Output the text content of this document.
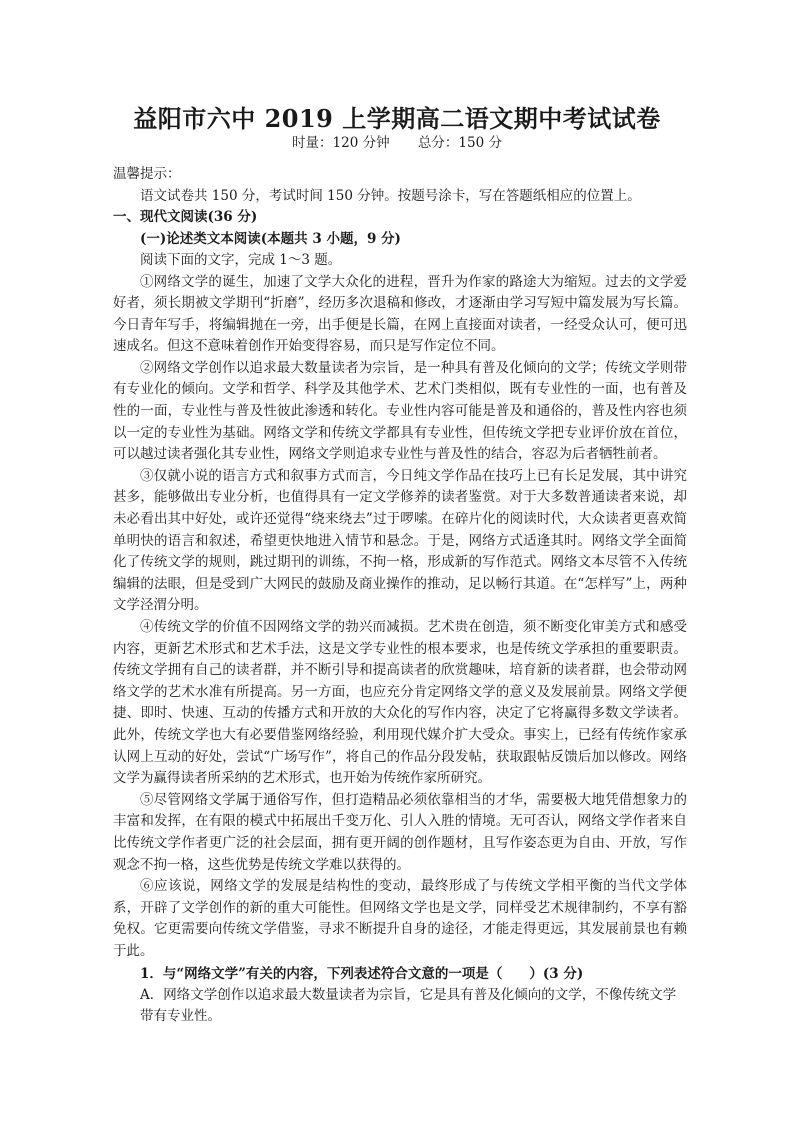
益阳市六中 2019 上学期高二语文期中考试试卷
时量：120 分钟 总分：150 分
温馨提示：
语文试卷共 150 分，考试时间 150 分钟。按题号涂卡，写在答题纸相应的位置上。
一、现代文阅读(36 分)
(一)论述类文本阅读(本题共 3 小题，9 分)
阅读下面的文字，完成 1～3 题。

①网络文学的诞生，加速了文学大众化的进程，晋升为作家的路途大为缩短。过去的文学爱好者，须长期被文学期刊“折磨”，经历多次退稿和修改，才逐渐由学习写短中篇发展为写长篇。今日青年写手，将编辑抛在一旁，出手便是长篇，在网上直接面对读者，一经受众认可，便可迅速成名。但这不意味着创作开始变得容易，而只是写作定位不同。

②网络文学创作以追求最大数量读者为宗旨，是一种具有普及化倾向的文学；传统文学则带有专业化的倾向。文学和哲学、科学及其他学术、艺术门类相似，既有专业性的一面，也有普及性的一面，专业性与普及性彼此渗透和转化。专业性内容可能是普及和通俗的，普及性内容也须以一定的专业性为基础。网络文学和传统文学都具有专业性，但传统文学把专业评价放在首位，可以越过读者强化其专业性，网络文学则追求专业性与普及性的结合，容忍为后者牺牲前者。

③仅就小说的语言方式和叙事方式而言，今日纯文学作品在技巧上已有长足发展，其中讲究甚多，能够做出专业分析，也值得具有一定文学修养的读者鉴赏。对于大多数普通读者来说，却未必看出其中好处，或许还觉得“绕来绕去”过于啰嗦。在碎片化的阅读时代，大众读者更喜欢简单明快的语言和叙述，希望更快地进入情节和悬念。于是，网络方式适逢其时。网络文学全面简化了传统文学的规则，跳过期刊的训练，不拘一格，形成新的写作范式。网络文本尽管不入传统编辑的法眼，但是受到广大网民的鼓励及商业操作的推动，足以畅行其道。在“怎样写”上，两种文学泾渭分明。

④传统文学的价值不因网络文学的勃兴而减损。艺术贵在创造，须不断变化审美方式和感受内容，更新艺术形式和艺术手法，这是文学专业性的根本要求，也是传统文学承担的重要职责。传统文学拥有自己的读者群，并不断引导和提高读者的欣赏趣味，培育新的读者群，也会带动网络文学的艺术水准有所提高。另一方面，也应充分肯定网络文学的意义及发展前景。网络文学便捷、即时、快速、互动的传播方式和开放的大众化的写作内容，决定了它将赢得多数文学读者。此外，传统文学也大有必要借鉴网络经验，利用现代媒介扩大受众。事实上，已经有传统作家承认网上互动的好处，尝试“广场写作”，将自己的作品分段发帖，获取跟帖反馈后加以修改。网络文学为赢得读者所采纳的艺术形式，也开始为传统作家所研究。

⑤尽管网络文学属于通俗写作，但打造精品必须依靠相当的才华，需要极大地凭借想象力的丰富和发挥，在有限的模式中拓展出千变万化、引人入胜的情境。无可否认，网络文学作者来自比传统文学作者更广泛的社会层面，拥有更开阔的创作题材，且写作姿态更为自由、开放，写作观念不拘一格，这些优势是传统文学难以获得的。

⑥应该说，网络文学的发展是结构性的变动，最终形成了与传统文学相平衡的当代文学体系，开辟了文学创作的新的重大可能性。但网络文学也是文学，同样受艺术规律制约，不享有豁免权。它更需要向传统文学借鉴，寻求不断提升自身的途径，才能走得更远，其发展前景也有赖于此。

1．与“网络文学”有关的内容，下列表述符合文意的一项是（　　）(3 分)
A．网络文学创作以追求最大数量读者为宗旨，它是具有普及化倾向的文学，不像传统文学带有专业性。
